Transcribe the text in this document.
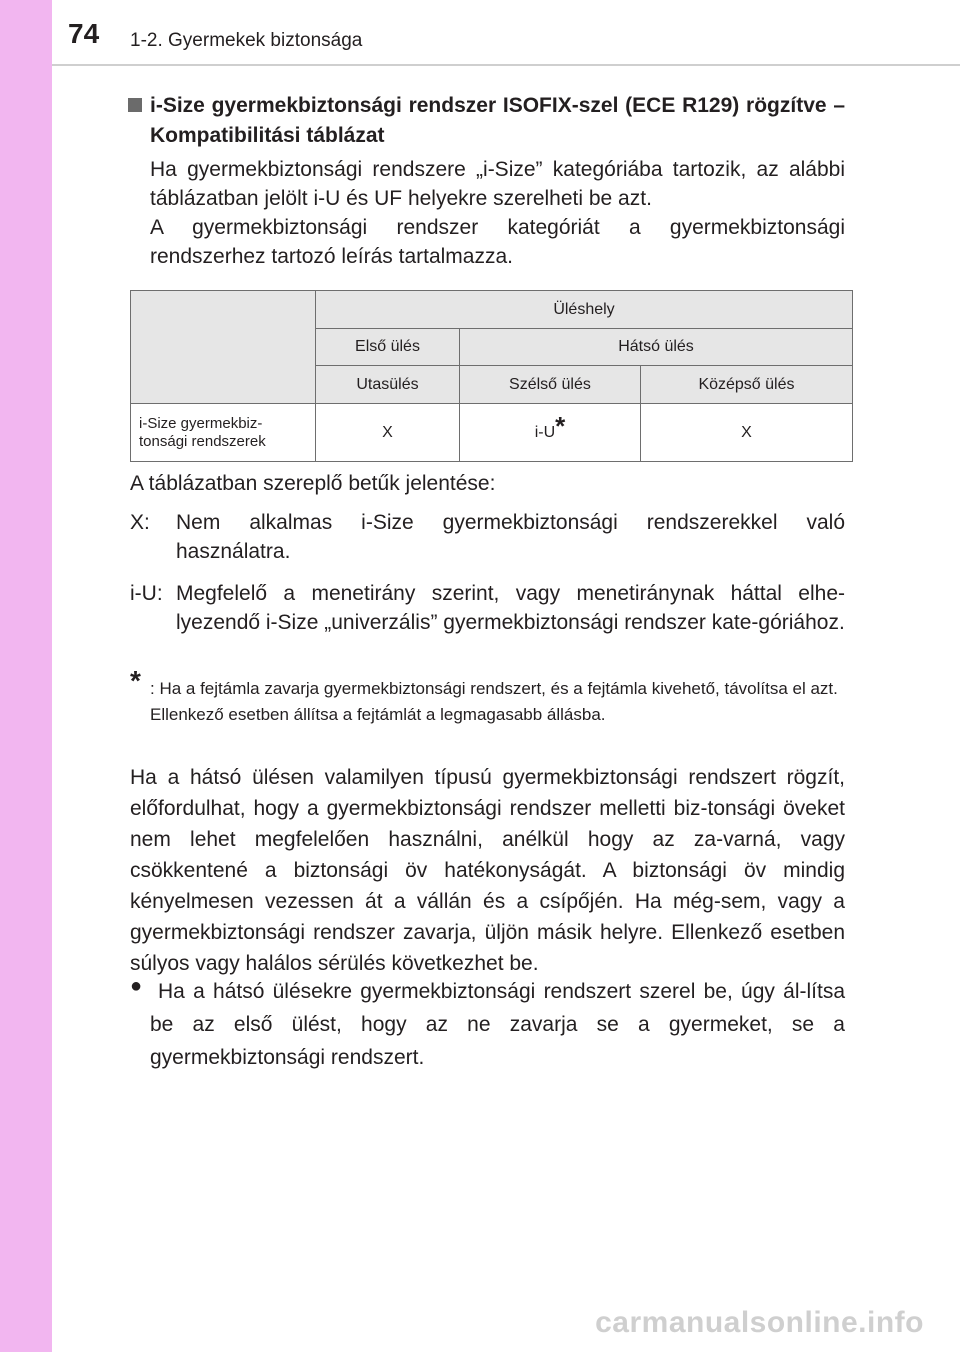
74 1-2. Gyermekek biztonsága
i-Size gyermekbiztonsági rendszer ISOFIX-szel (ECE R129) rögzítve – Kompatibilitási táblázat

Ha gyermekbiztonsági rendszere „i-Size” kategóriába tartozik, az alábbi táblázatban jelölt i-U és UF helyekre szerelheti be azt.

A gyermekbiztonsági rendszer kategóriát a gyermekbiztonsági rendszerhez tartozó leírás tartalmazza.

	Üléshely		
	Első ülés	Hátsó ülés	
	Utasülés	Szélső ülés	Középső ülés
i-Size gyermekbiz-
tonsági rendszerek	X	i-U*	X
A táblázatban szereplő betűk jelentése:
X: Nem alkalmas i-Size gyermekbiztonsági rendszerekkel való használatra.
i-U: Megfelelő a menetirány szerint, vagy menetiránynak háttal elhe-lyezendő i-Size „univerzális” gyermekbiztonsági rendszer kate-góriához.
* : Ha a fejtámla zavarja gyermekbiztonsági rendszert, és a fejtámla kivehető, távolítsa el azt.
Ellenkező esetben állítsa a fejtámlát a legmagasabb állásba.

Ha a hátsó ülésen valamilyen típusú gyermekbiztonsági rendszert rögzít, előfordulhat, hogy a gyermekbiztonsági rendszer melletti biz-tonsági öveket nem lehet megfelelően használni, anélkül hogy az za-varná, vagy csökkentené a biztonsági öv hatékonyságát. A biztonsági öv mindig kényelmesen vezessen át a vállán és a csípőjén. Ha még-sem, vagy a gyermekbiztonsági rendszer zavarja, üljön másik helyre. Ellenkező esetben súlyos vagy halálos sérülés következhet be.

● Ha a hátsó ülésekre gyermekbiztonsági rendszert szerel be, úgy ál-lítsa be az első ülést, hogy az ne zavarja se a gyermeket, se a gyermekbiztonsági rendszert.
carmanualsonline.info
